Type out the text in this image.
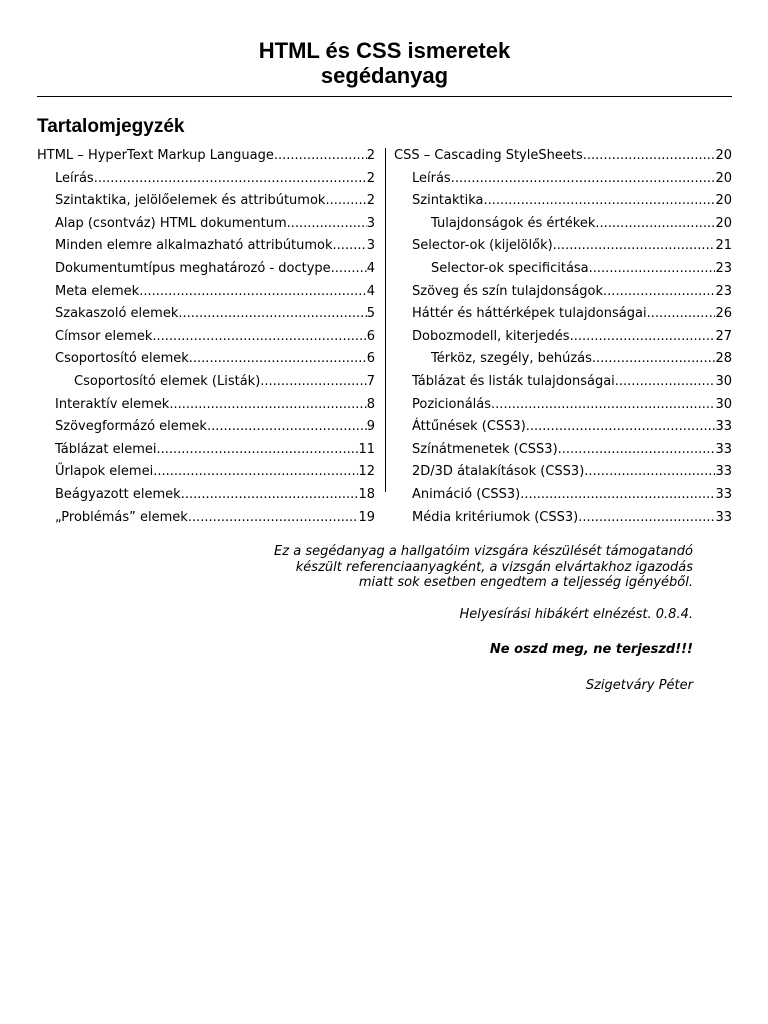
HTML és CSS ismeretek
segédanyag
Tartalomjegyzék
HTML – HyperText Markup Language .....	2
Leírás .....	2
Szintaktika, jelölőelemek és attribútumok .....	2
Alap (csontváz) HTML dokumentum .....	3
Minden elemre alkalmazható attribútumok .....	3
Dokumentumtípus meghatározó - doctype .....	4
Meta elemek .....	4
Szakaszoló elemek .....	5
Címsor elemek .....	6
Csoportosító elemek .....	6
Csoportosító elemek (Listák) .....	7
Interaktív elemek .....	8
Szövegformázó elemek .....	9
Táblázat elemei .....	11
Űrlapok elemei .....	12
Beágyazott elemek .....	18
„Problémás” elemek .....	19
CSS – Cascading StyleSheets .....	20
Leírás .....	20
Szintaktika .....	20
Tulajdonságok és értékek .....	20
Selector-ok (kijelölők) .....	21
Selector-ok specificitása .....	23
Szöveg és szín tulajdonságok .....	23
Háttér és háttérképek tulajdonságai .....	26
Dobozmodell, kiterjedés .....	27
Térköz, szegély, behúzás .....	28
Táblázat és listák tulajdonságai .....	30
Pozicionálás .....	30
Áttűnések (CSS3) .....	33
Színátmenetek (CSS3) .....	33
2D/3D átalakítások (CSS3) .....	33
Animáció (CSS3) .....	33
Média kritériumok (CSS3) .....	33

Ez a segédanyag a hallgatóim vizsgára készülését támogatandó
készült referenciaanyagként, a vizsgán elvártakhoz igazodás
miatt sok esetben engedtem a teljesség igényéből.

Helyesírási hibákért elnézést. 0.8.4.

Ne oszd meg, ne terjeszd!!!

Szigetváry Péter
